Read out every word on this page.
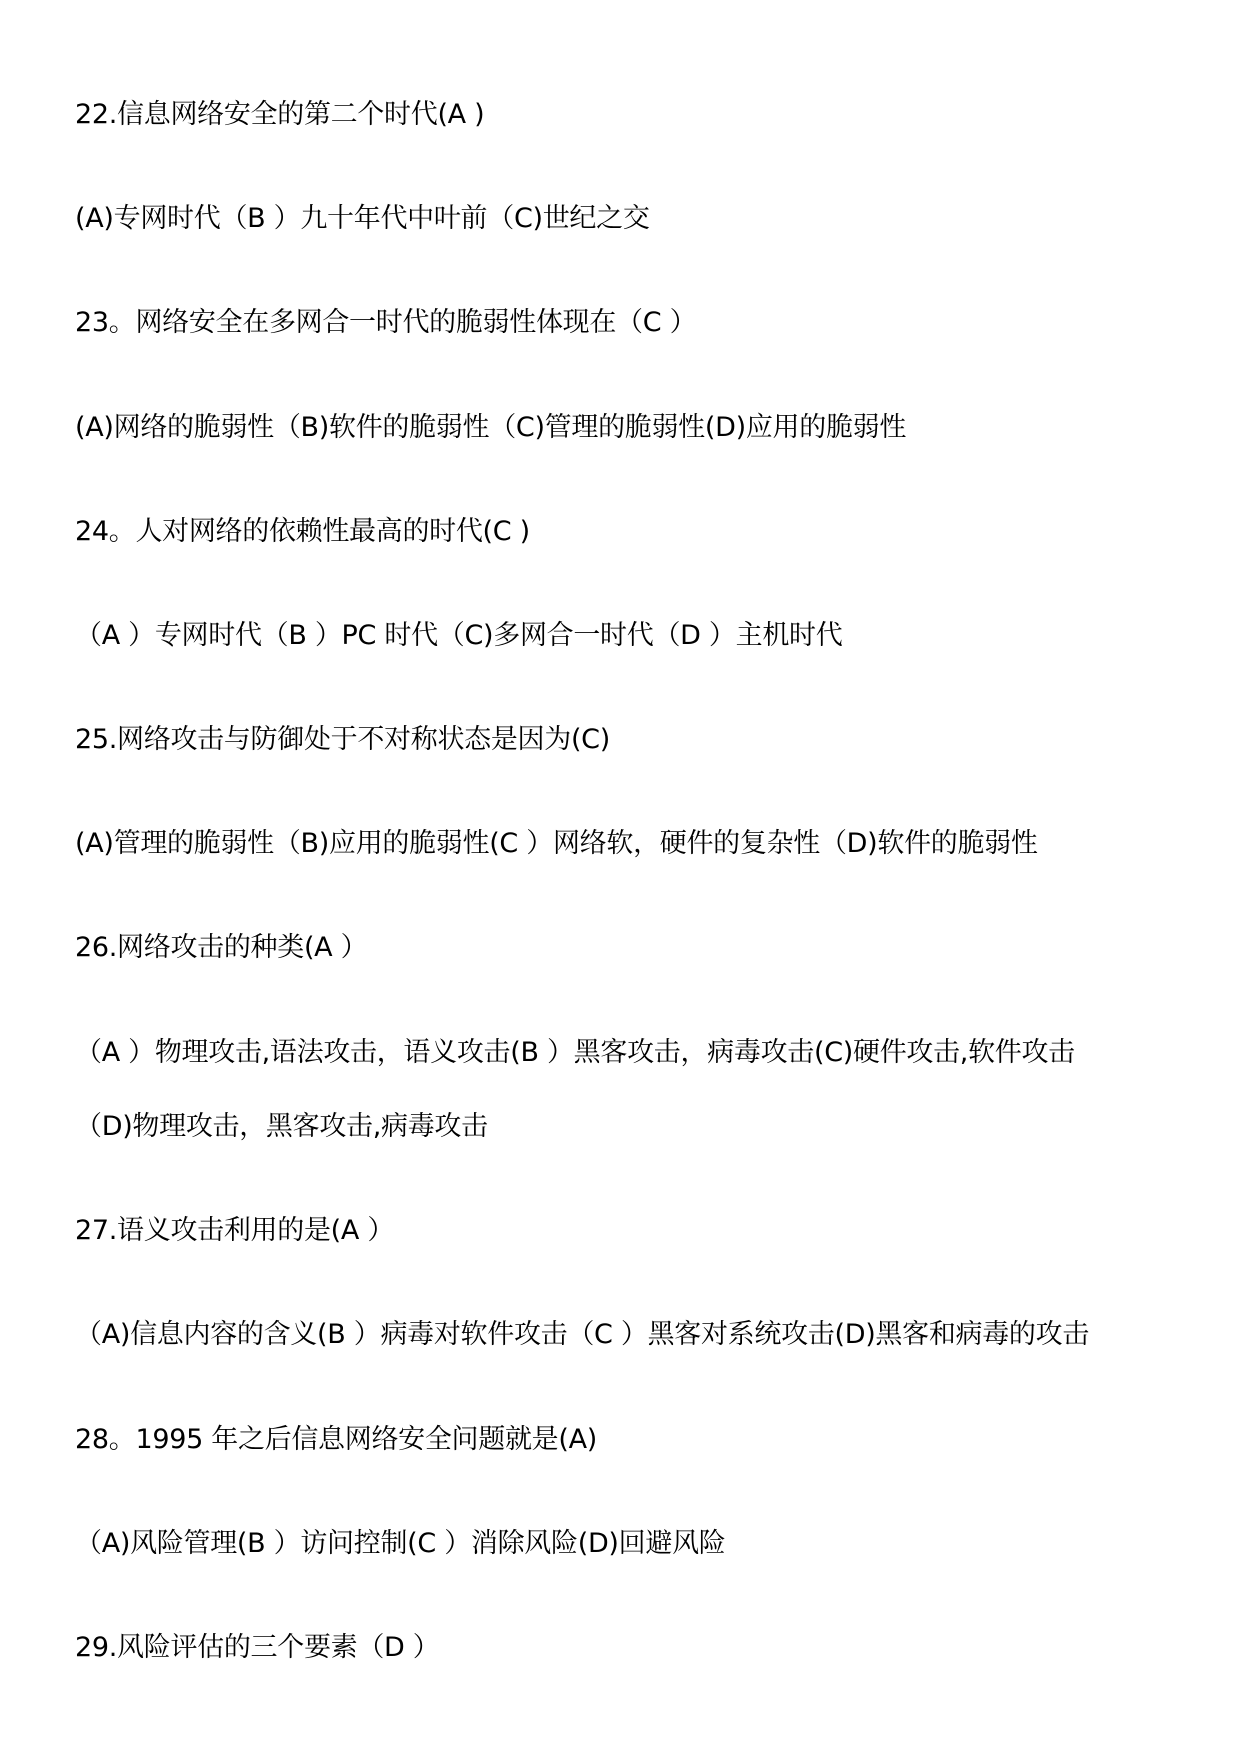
22.信息网络安全的第二个时代(A )
(A)专网时代（B ）九十年代中叶前（C)世纪之交
23。网络安全在多网合一时代的脆弱性体现在（C ）
(A)网络的脆弱性（B)软件的脆弱性（C)管理的脆弱性(D)应用的脆弱性
24。人对网络的依赖性最高的时代(C )
（A ）专网时代（B ）PC 时代（C)多网合一时代（D ）主机时代
25.网络攻击与防御处于不对称状态是因为(C)
(A)管理的脆弱性（B)应用的脆弱性(C ）网络软，硬件的复杂性（D)软件的脆弱性
26.网络攻击的种类(A ）
（A ）物理攻击,语法攻击，语义攻击(B ）黑客攻击，病毒攻击(C)硬件攻击,软件攻击
（D)物理攻击，黑客攻击,病毒攻击
27.语义攻击利用的是(A ）
（A)信息内容的含义(B ）病毒对软件攻击（C ）黑客对系统攻击(D)黑客和病毒的攻击
28。1995 年之后信息网络安全问题就是(A)
（A)风险管理(B ）访问控制(C ）消除风险(D)回避风险
29.风险评估的三个要素（D ）
